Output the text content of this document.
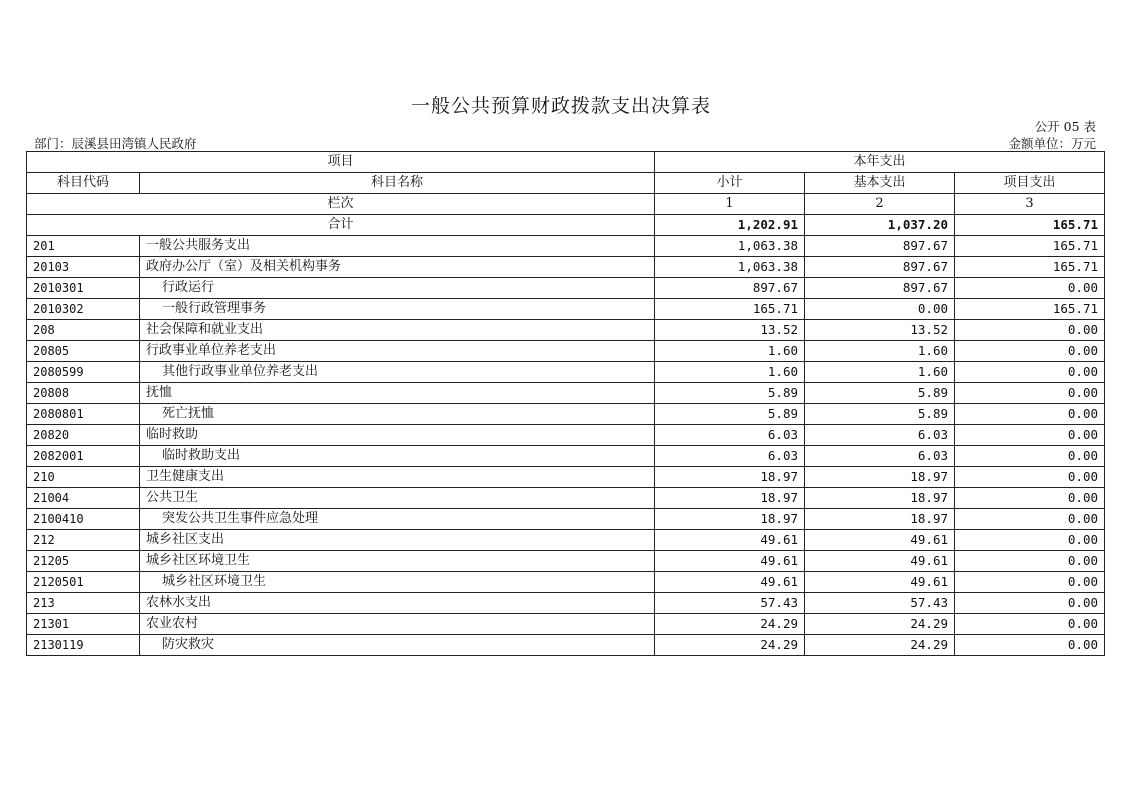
一般公共预算财政拨款支出决算表
公开 05 表
部门：辰溪县田湾镇人民政府	金额单位：万元
项目		本年支出		
科目代码	科目名称	小计	基本支出	项目支出
栏次		1	2	3
合计		1,202.91	1,037.20	165.71
201	一般公共服务支出	1,063.38	897.67	165.71
20103	政府办公厅（室）及相关机构事务	1,063.38	897.67	165.71
2010301	行政运行	897.67	897.67	0.00
2010302	一般行政管理事务	165.71	0.00	165.71
208	社会保障和就业支出	13.52	13.52	0.00
20805	行政事业单位养老支出	1.60	1.60	0.00
2080599	其他行政事业单位养老支出	1.60	1.60	0.00
20808	抚恤	5.89	5.89	0.00
2080801	死亡抚恤	5.89	5.89	0.00
20820	临时救助	6.03	6.03	0.00
2082001	临时救助支出	6.03	6.03	0.00
210	卫生健康支出	18.97	18.97	0.00
21004	公共卫生	18.97	18.97	0.00
2100410	突发公共卫生事件应急处理	18.97	18.97	0.00
212	城乡社区支出	49.61	49.61	0.00
21205	城乡社区环境卫生	49.61	49.61	0.00
2120501	城乡社区环境卫生	49.61	49.61	0.00
213	农林水支出	57.43	57.43	0.00
21301	农业农村	24.29	24.29	0.00
2130119	防灾救灾	24.29	24.29	0.00
